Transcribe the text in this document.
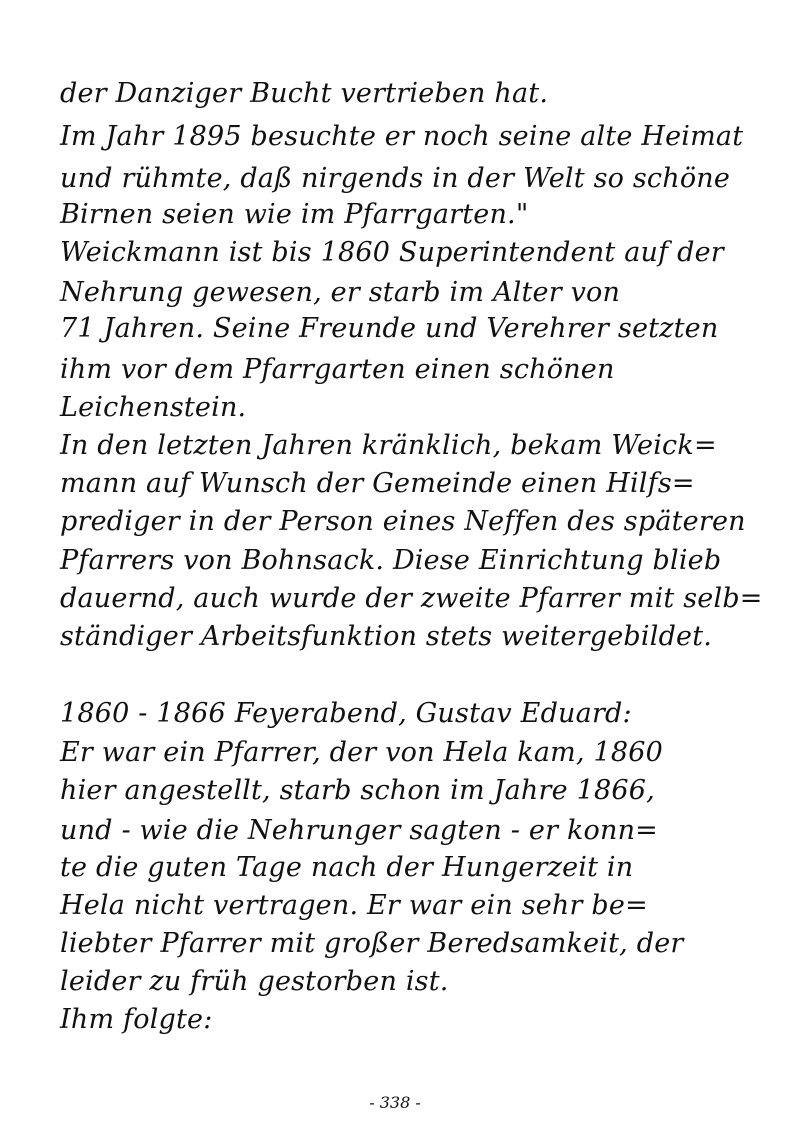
der Danziger Bucht vertrieben hat.

Im Jahr 1895 besuchte er noch seine alte Heimat

und rühmte, daß nirgends in der Welt so schöne

Birnen seien wie im Pfarrgarten."

Weickmann ist bis 1860 Superintendent auf der

Nehrung gewesen, er starb im Alter von

71 Jahren. Seine Freunde und Verehrer setzten

ihm vor dem Pfarrgarten einen schönen

Leichenstein.

In den letzten Jahren kränklich, bekam Weick=

mann auf Wunsch der Gemeinde einen Hilfs=

prediger in der Person eines Neffen des späteren

Pfarrers von Bohnsack. Diese Einrichtung blieb

dauernd, auch wurde der zweite Pfarrer mit selb=

ständiger Arbeitsfunktion stets weitergebildet.

1860 - 1866 Feyerabend, Gustav Eduard:

Er war ein Pfarrer, der von Hela kam, 1860

hier angestellt, starb schon im Jahre 1866,

und - wie die Nehrunger sagten - er konn=

te die guten Tage nach der Hungerzeit in

Hela nicht vertragen. Er war ein sehr be=

liebter Pfarrer mit großer Beredsamkeit, der

leider zu früh gestorben ist.

Ihm folgte:

- 338 -
